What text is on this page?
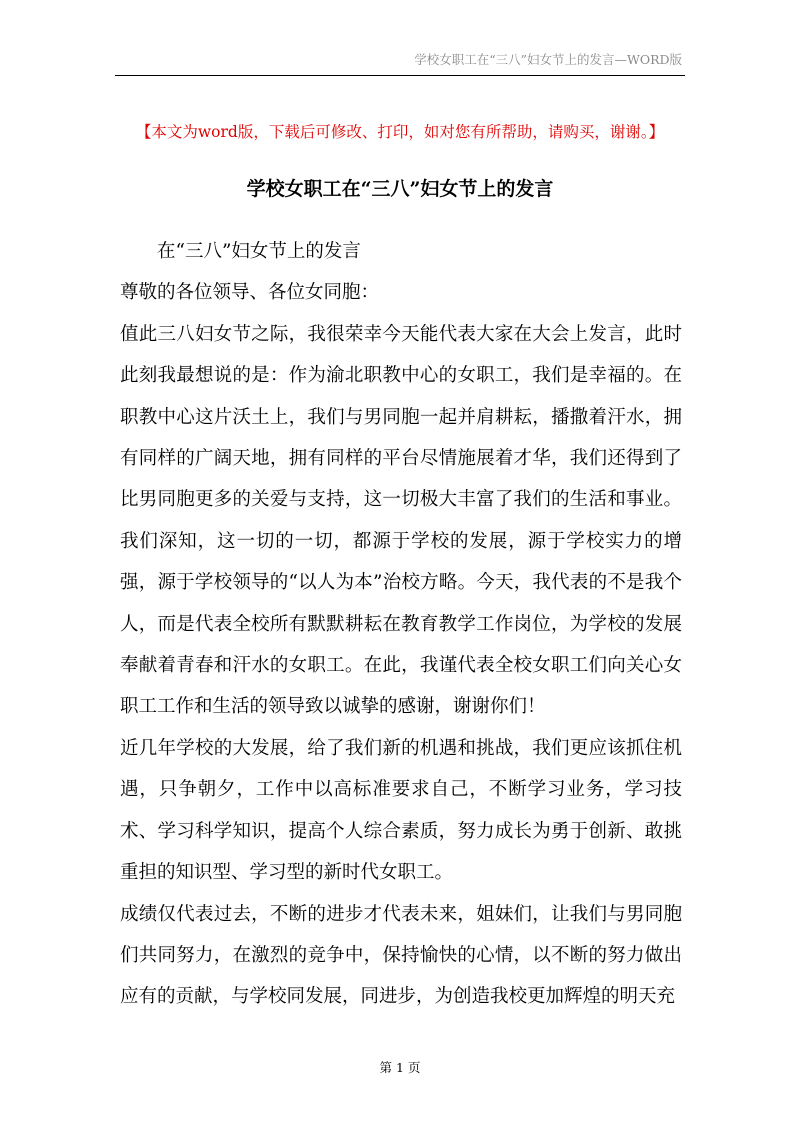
学校女职工在“三八”妇女节上的发言—WORD版
【本文为word版，下载后可修改、打印，如对您有所帮助，请购买，谢谢。】
学校女职工在“三八”妇女节上的发言

在“三八”妇女节上的发言

尊敬的各位领导、各位女同胞：

值此三八妇女节之际，我很荣幸今天能代表大家在大会上发言，此时此刻我最想说的是：作为渝北职教中心的女职工，我们是幸福的。在职教中心这片沃土上，我们与男同胞一起并肩耕耘，播撒着汗水，拥有同样的广阔天地，拥有同样的平台尽情施展着才华，我们还得到了比男同胞更多的关爱与支持，这一切极大丰富了我们的生活和事业。我们深知，这一切的一切，都源于学校的发展，源于学校实力的增强，源于学校领导的“以人为本”治校方略。今天，我代表的不是我个人，而是代表全校所有默默耕耘在教育教学工作岗位，为学校的发展奉献着青春和汗水的女职工。在此，我谨代表全校女职工们向关心女职工工作和生活的领导致以诚挚的感谢，谢谢你们！

近几年学校的大发展，给了我们新的机遇和挑战，我们更应该抓住机遇，只争朝夕，工作中以高标准要求自己，不断学习业务，学习技术、学习科学知识，提高个人综合素质，努力成长为勇于创新、敢挑重担的知识型、学习型的新时代女职工。

成绩仅代表过去，不断的进步才代表未来，姐妹们，让我们与男同胞们共同努力，在激烈的竞争中，保持愉快的心情，以不断的努力做出应有的贡献，与学校同发展，同进步，为创造我校更加辉煌的明天充

第 1 页
